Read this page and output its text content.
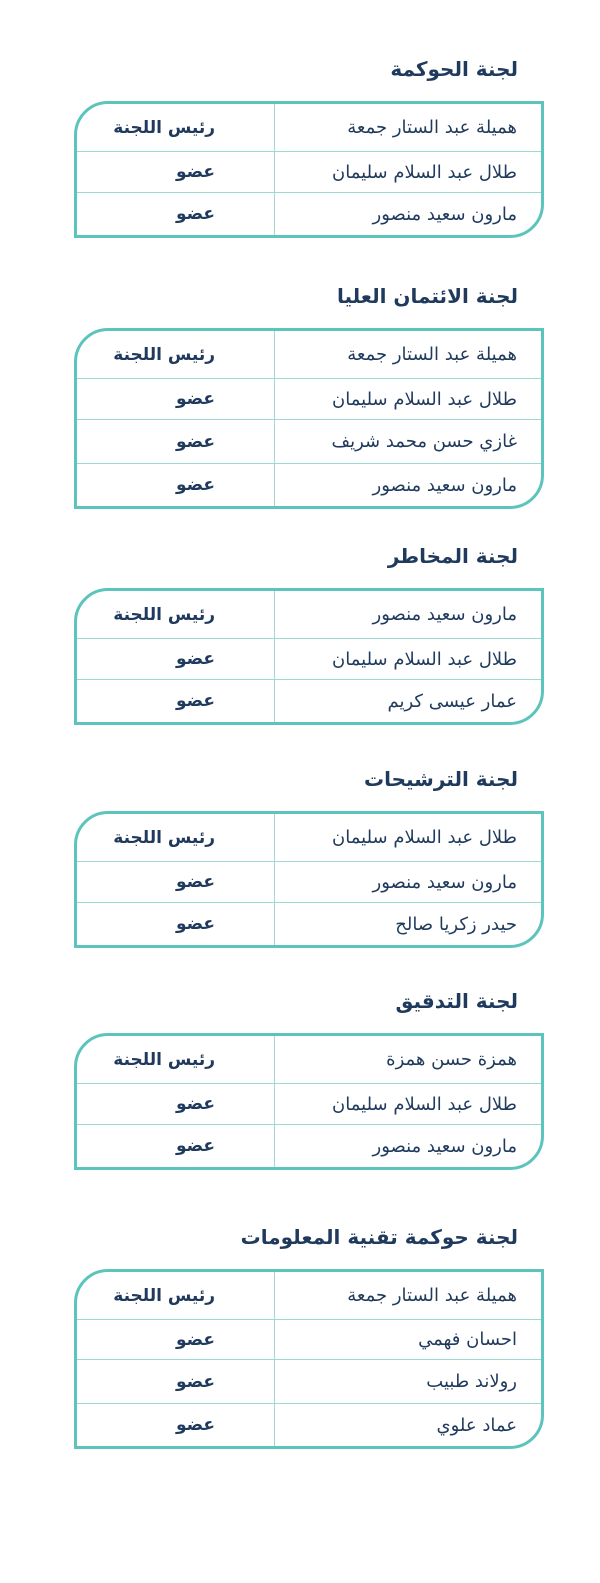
لجنة الحوكمة
هميلة عبد الستار جمعة
رئيس اللجنة
طلال عبد السلام سليمان
عضو
مارون سعيد منصور
عضو
لجنة الائتمان العليا
هميلة عبد الستار جمعة
رئيس اللجنة
طلال عبد السلام سليمان
عضو
غازي حسن محمد شريف
عضو
مارون سعيد منصور
عضو
لجنة المخاطر
مارون سعيد منصور
رئيس اللجنة
طلال عبد السلام سليمان
عضو
عمار عيسى كريم
عضو
لجنة الترشيحات
طلال عبد السلام سليمان
رئيس اللجنة
مارون سعيد منصور
عضو
حيدر زكريا صالح
عضو
لجنة التدقيق
همزة حسن همزة
رئيس اللجنة
طلال عبد السلام سليمان
عضو
مارون سعيد منصور
عضو
لجنة حوكمة تقنية المعلومات
هميلة عبد الستار جمعة
رئيس اللجنة
احسان فهمي
عضو
رولاند طبيب
عضو
عماد علوي
عضو
